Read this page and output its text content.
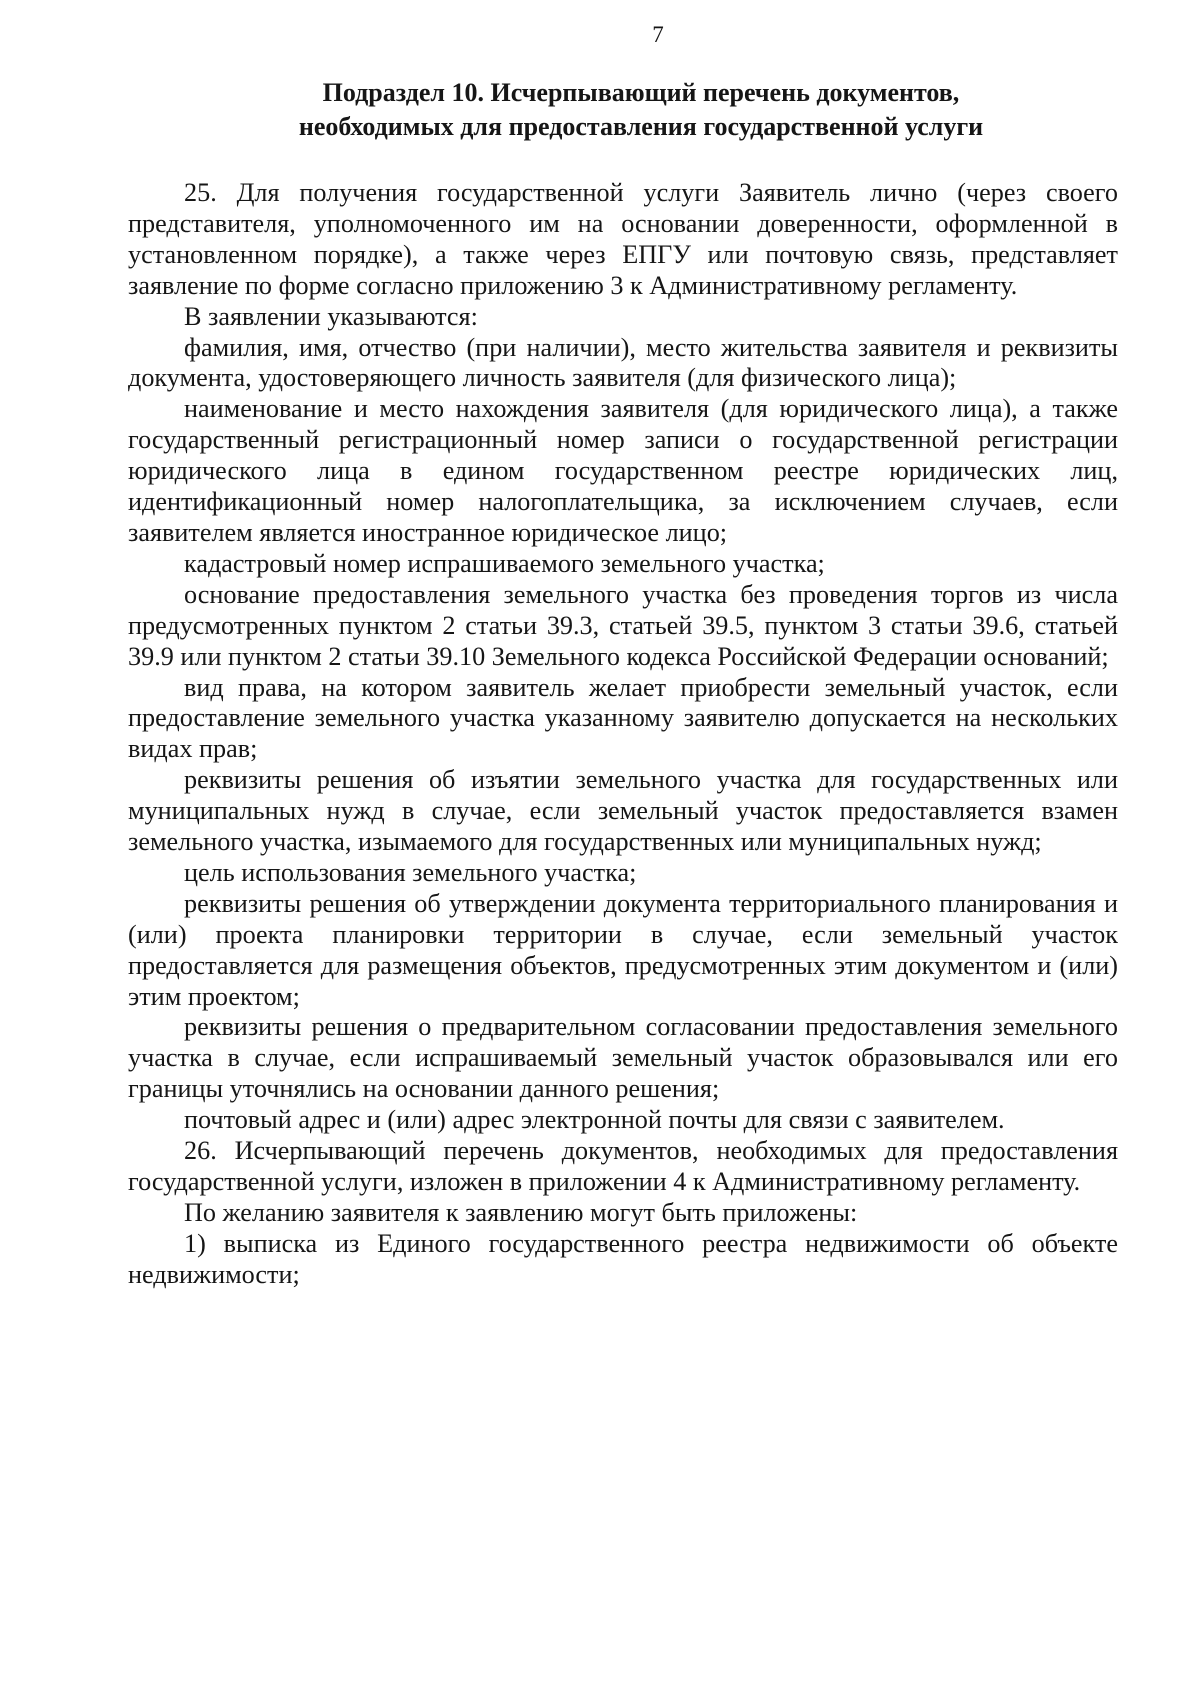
7
Подраздел 10. Исчерпывающий перечень документов,
необходимых для предоставления государственной услуги

25. Для получения государственной услуги Заявитель лично (через своего представителя, уполномоченного им на основании доверенности, оформленной в установленном порядке), а также через ЕПГУ или почтовую связь, представляет заявление по форме согласно приложению 3 к Административному регламенту.

В заявлении указываются:

фамилия, имя, отчество (при наличии), место жительства заявителя и реквизиты документа, удостоверяющего личность заявителя (для физического лица);

наименование и место нахождения заявителя (для юридического лица), а также государственный регистрационный номер записи о государственной регистрации юридического лица в едином государственном реестре юридических лиц, идентификационный номер налогоплательщика, за исключением случаев, если заявителем является иностранное юридическое лицо;

кадастровый номер испрашиваемого земельного участка;

основание предоставления земельного участка без проведения торгов из числа предусмотренных пунктом 2 статьи 39.3, статьей 39.5, пунктом 3 статьи 39.6, статьей 39.9 или пунктом 2 статьи 39.10 Земельного кодекса Российской Федерации оснований;

вид права, на котором заявитель желает приобрести земельный участок, если предоставление земельного участка указанному заявителю допускается на нескольких видах прав;

реквизиты решения об изъятии земельного участка для государственных или муниципальных нужд в случае, если земельный участок предоставляется взамен земельного участка, изымаемого для государственных или муниципальных нужд;

цель использования земельного участка;

реквизиты решения об утверждении документа территориального планирования и (или) проекта планировки территории в случае, если земельный участок предоставляется для размещения объектов, предусмотренных этим документом и (или) этим проектом;

реквизиты решения о предварительном согласовании предоставления земельного участка в случае, если испрашиваемый земельный участок образовывался или его границы уточнялись на основании данного решения;

почтовый адрес и (или) адрес электронной почты для связи с заявителем.

26. Исчерпывающий перечень документов, необходимых для предоставления государственной услуги, изложен в приложении 4 к Административному регламенту.

По желанию заявителя к заявлению могут быть приложены:

1) выписка из Единого государственного реестра недвижимости об объекте недвижимости;
